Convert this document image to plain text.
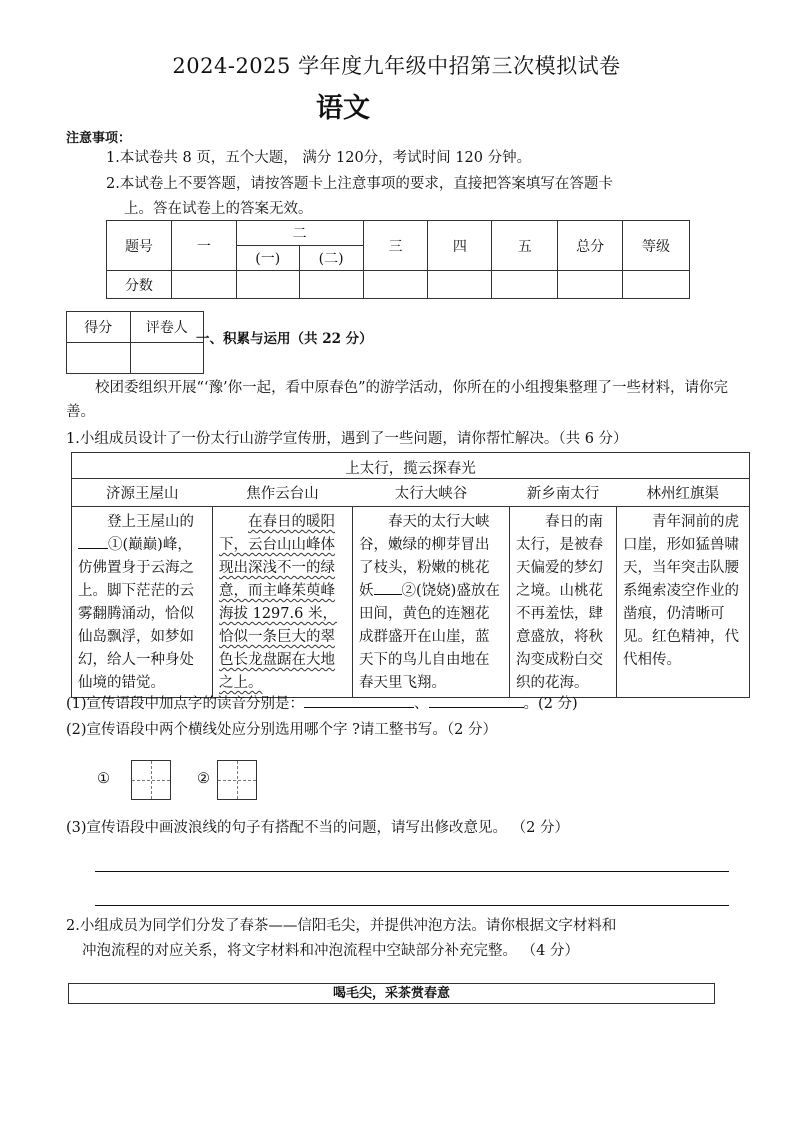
2024-2025 学年度九年级中招第三次模拟试卷
语文
注意事项：
1.本试卷共 8 页，五个大题， 满分 120分，考试时间 120 分钟。
2.本试卷上不要答题，请按答题卡上注意事项的要求，直接把答案填写在答题卡
上。答在试卷上的答案无效。
题号	一	二		三	四	五	总分	等级
		(一)	(二)					
分数								
得分	评卷人

一、积累与运用（共 22 分）
校团委组织开展“‘豫’你一起，看中原春色”的游学活动，你所在的小组搜集整理了一些材料，请你完善。
1.小组成员设计了一份太行山游学宣传册，遇到了一些问题，请你帮忙解决。（共 6 分）
上太行，揽云探春光				
济源王屋山	焦作云台山	太行大峡谷	新乡南太行	林州红旗渠

登上王屋山的①(巅巅)峰，仿佛置身于云海之上。脚下茫茫的云雾翻腾涌动，恰似仙岛飘浮，如梦如幻，给人一种身处仙境的错觉。	在春日的暖阳下，云台山山峰体现出深浅不一的绿意，而主峰茱萸峰海拔 1297.6 米，恰似一条巨大的翠色长龙盘踞在大地之上。	春天的太行大峡谷，嫩绿的柳芽冒出了枝头，粉嫩的桃花妖 ②(饶娆)盛放在田间，黄色的连翘花成群盛开在山崖，蓝天下的鸟儿自由地在春天里飞翔。	春日的南太行，是被春天偏爱的梦幻之境。山桃花不再羞怯，肆意盛放，将秋沟变成粉白交织的花海。	青年洞前的虎口崖，形如猛兽啸天，当年突击队腰系绳索凌空作业的凿痕，仍清晰可见。红色精神，代代相传。
(1)宣传语段中加点字的读音分别是：	、	。(2 分)
(2)宣传语段中两个横线处应分别选用哪个字 ?请工整书写。（2 分）
①	②
(3)宣传语段中画波浪线的句子有搭配不当的问题，请写出修改意见。 （2 分）
2.小组成员为同学们分发了春茶——信阳毛尖，并提供冲泡方法。请你根据文字材料和
冲泡流程的对应关系，将文字材料和冲泡流程中空缺部分补充完整。 （4 分）
喝毛尖，采茶赏春意
